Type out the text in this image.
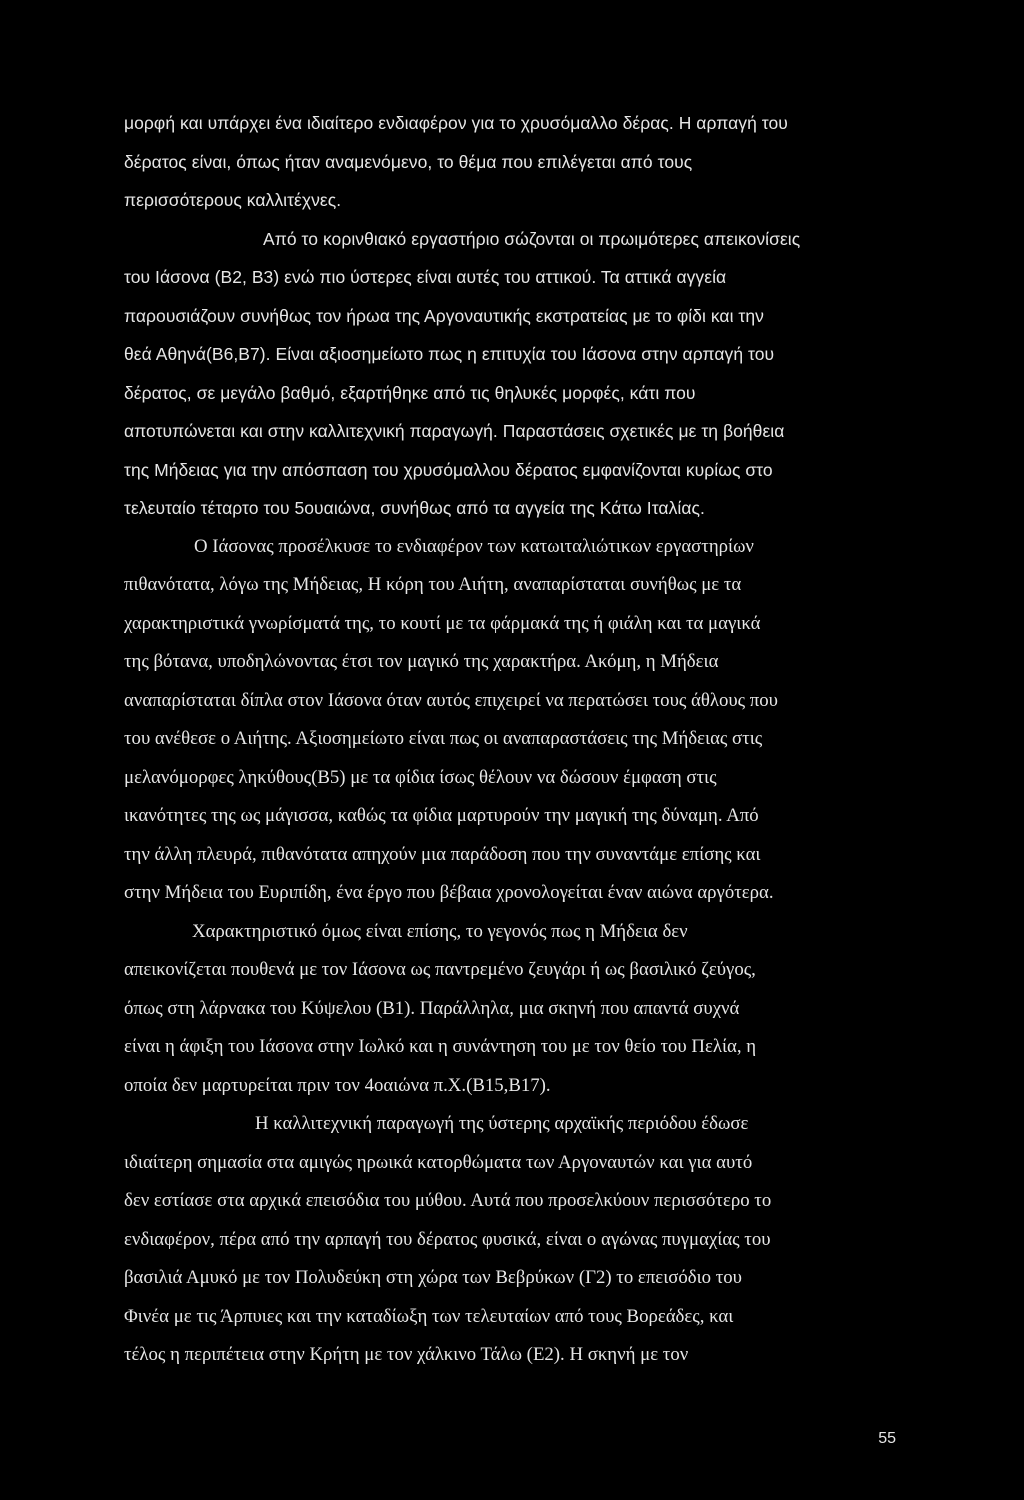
μορφή και υπάρχει ένα ιδιαίτερο ενδιαφέρον για το χρυσόμαλλο δέρας. Η αρπαγή του
δέρατος είναι, όπως ήταν αναμενόμενο, το θέμα που επιλέγεται από τους
περισσότερους καλλιτέχνες.
Από το κορινθιακό εργαστήριο σώζονται οι πρωιμότερες απεικονίσεις
του Ιάσονα (Β2, Β3) ενώ πιο ύστερες είναι αυτές του αττικού. Τα αττικά αγγεία
παρουσιάζουν συνήθως τον ήρωα της Αργοναυτικής εκστρατείας με το φίδι και την
θεά Αθηνά(Β6,Β7). Είναι αξιοσημείωτο πως η επιτυχία του Ιάσονα στην αρπαγή του
δέρατος, σε μεγάλο βαθμό, εξαρτήθηκε από τις θηλυκές μορφές, κάτι που
αποτυπώνεται και στην καλλιτεχνική παραγωγή. Παραστάσεις σχετικές με τη βοήθεια
της Μήδειας για την απόσπαση του χρυσόμαλλου δέρατος εμφανίζονται κυρίως στο
τελευταίο τέταρτο του 5ουαιώνα, συνήθως από τα αγγεία της Κάτω Ιταλίας.
Ο Ιάσονας προσέλκυσε το ενδιαφέρον των κατωιταλιώτικων εργαστηρίων
πιθανότατα, λόγω της Μήδειας, Η κόρη του Αιήτη, αναπαρίσταται συνήθως με τα
χαρακτηριστικά γνωρίσματά της, το κουτί με τα φάρμακά της ή φιάλη και τα μαγικά
της βότανα, υποδηλώνοντας έτσι τον μαγικό της χαρακτήρα. Ακόμη, η Μήδεια
αναπαρίσταται δίπλα στον Ιάσονα όταν αυτός επιχειρεί να περατώσει τους άθλους που
του ανέθεσε ο Αιήτης. Αξιοσημείωτο είναι πως οι αναπαραστάσεις της Μήδειας στις
μελανόμορφες ληκύθους(Β5) με τα φίδια ίσως θέλουν να δώσουν έμφαση στις
ικανότητες της ως μάγισσα, καθώς τα φίδια μαρτυρούν την μαγική της δύναμη. Από
την άλλη πλευρά, πιθανότατα απηχούν μια παράδοση που την συναντάμε επίσης και
στην Μήδεια του Ευριπίδη, ένα έργο που βέβαια χρονολογείται έναν αιώνα αργότερα.
Χαρακτηριστικό όμως είναι επίσης, το γεγονός πως η Μήδεια δεν
απεικονίζεται πουθενά με τον Ιάσονα ως παντρεμένο ζευγάρι ή ως βασιλικό ζεύγος,
όπως στη λάρνακα του Κύψελου (Β1). Παράλληλα, μια σκηνή που απαντά συχνά
είναι η άφιξη του Ιάσονα στην Ιωλκό και η συνάντηση του με τον θείο του Πελία, η
οποία δεν μαρτυρείται πριν τον 4οαιώνα π.Χ.(Β15,Β17).
Η καλλιτεχνική παραγωγή της ύστερης αρχαϊκής περιόδου έδωσε
ιδιαίτερη σημασία στα αμιγώς ηρωικά κατορθώματα των Αργοναυτών και για αυτό
δεν εστίασε στα αρχικά επεισόδια του μύθου. Αυτά που προσελκύουν περισσότερο το
ενδιαφέρον, πέρα από την αρπαγή του δέρατος φυσικά, είναι ο αγώνας πυγμαχίας του
βασιλιά Αμυκό με τον Πολυδεύκη στη χώρα των Βεβρύκων (Γ2) το επεισόδιο του
Φινέα με τις Άρπυιες και την καταδίωξη των τελευταίων από τους Βορεάδες, και
τέλος η περιπέτεια στην Κρήτη με τον χάλκινο Τάλω (Ε2). Η σκηνή με τον
55
